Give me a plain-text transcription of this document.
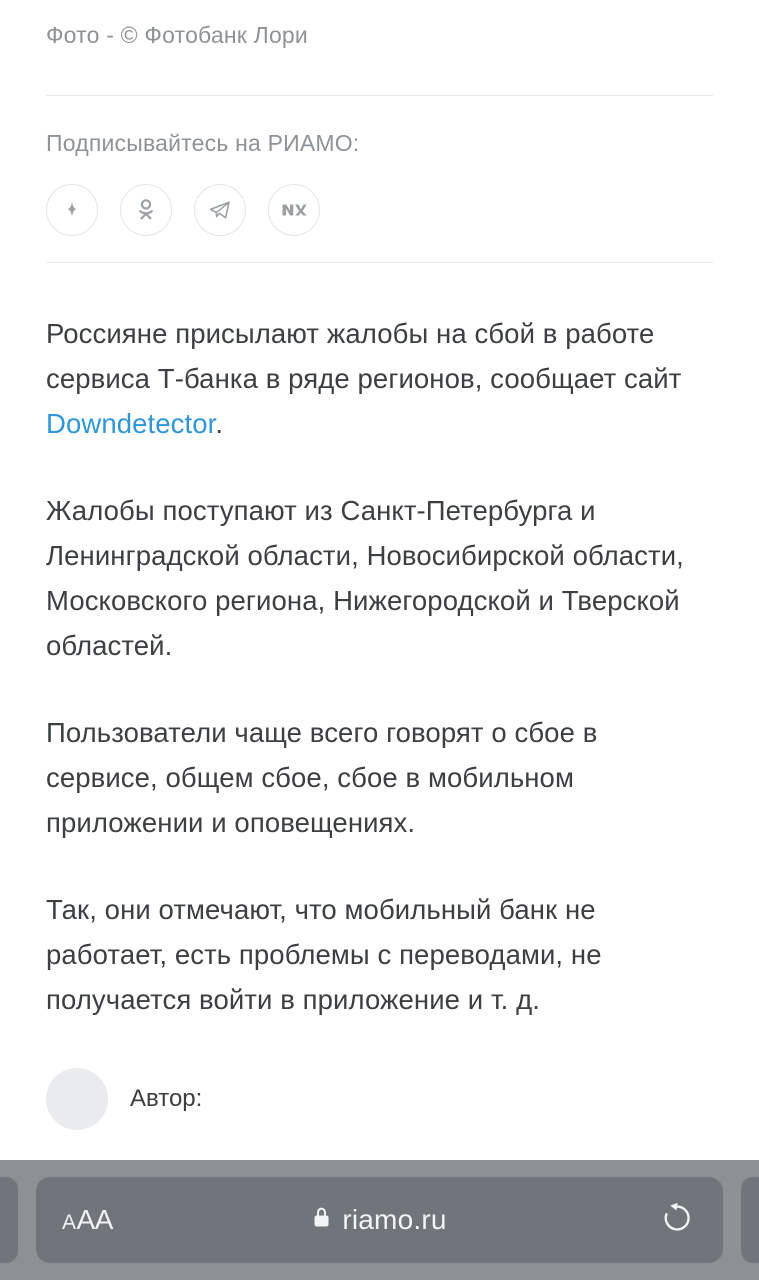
Фото - © Фотобанк Лори
Подписывайтесь на РИАМО:

Россияне присылают жалобы на сбой в работе сервиса Т-банка в ряде регионов, сообщает сайт Downdetector.

Жалобы поступают из Санкт-Петербурга и Ленинградской области, Новосибирской области, Московского региона, Нижегородской и Тверской областей.

Пользователи чаще всего говорят о сбое в сервисе, общем сбое, сбое в мобильном приложении и оповещениях.

Так, они отмечают, что мобильный банк не работает, есть проблемы с переводами, не получается войти в приложение и т. д.

Автор:
A AA	riamo.ru
